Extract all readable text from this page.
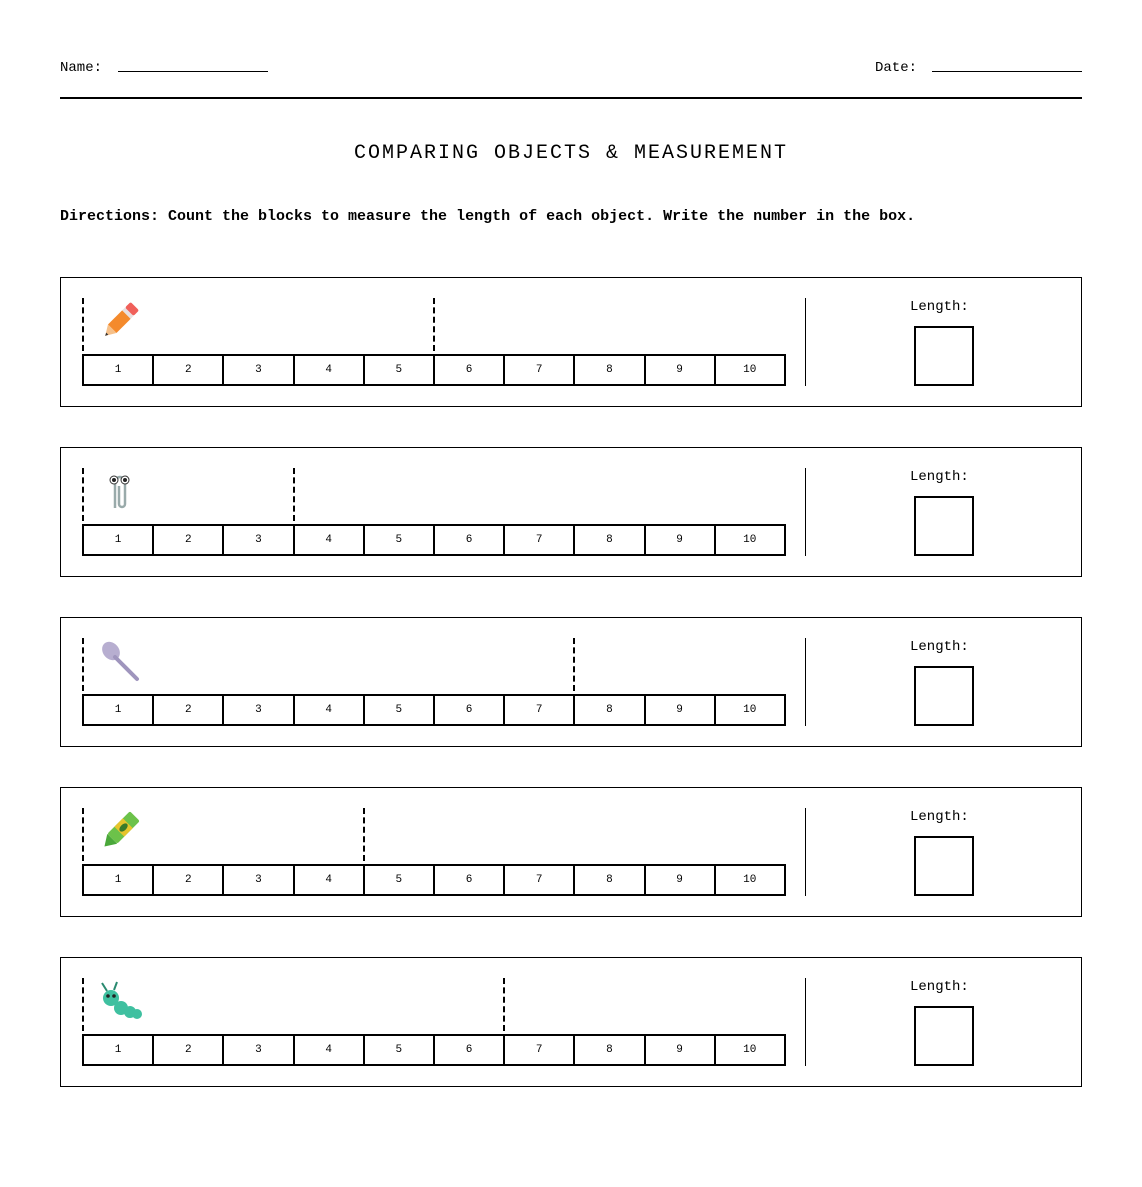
Name:	Date:
COMPARING OBJECTS & MEASUREMENT
Directions: Count the blocks to measure the length of each object. Write the number in the box.
1	2	3	4	5	6	7	8	9	10
Length:
1	2	3	4	5	6	7	8	9	10
Length:
1	2	3	4	5	6	7	8	9	10
Length:
1	2	3	4	5	6	7	8	9	10
Length:
1	2	3	4	5	6	7	8	9	10
Length:
